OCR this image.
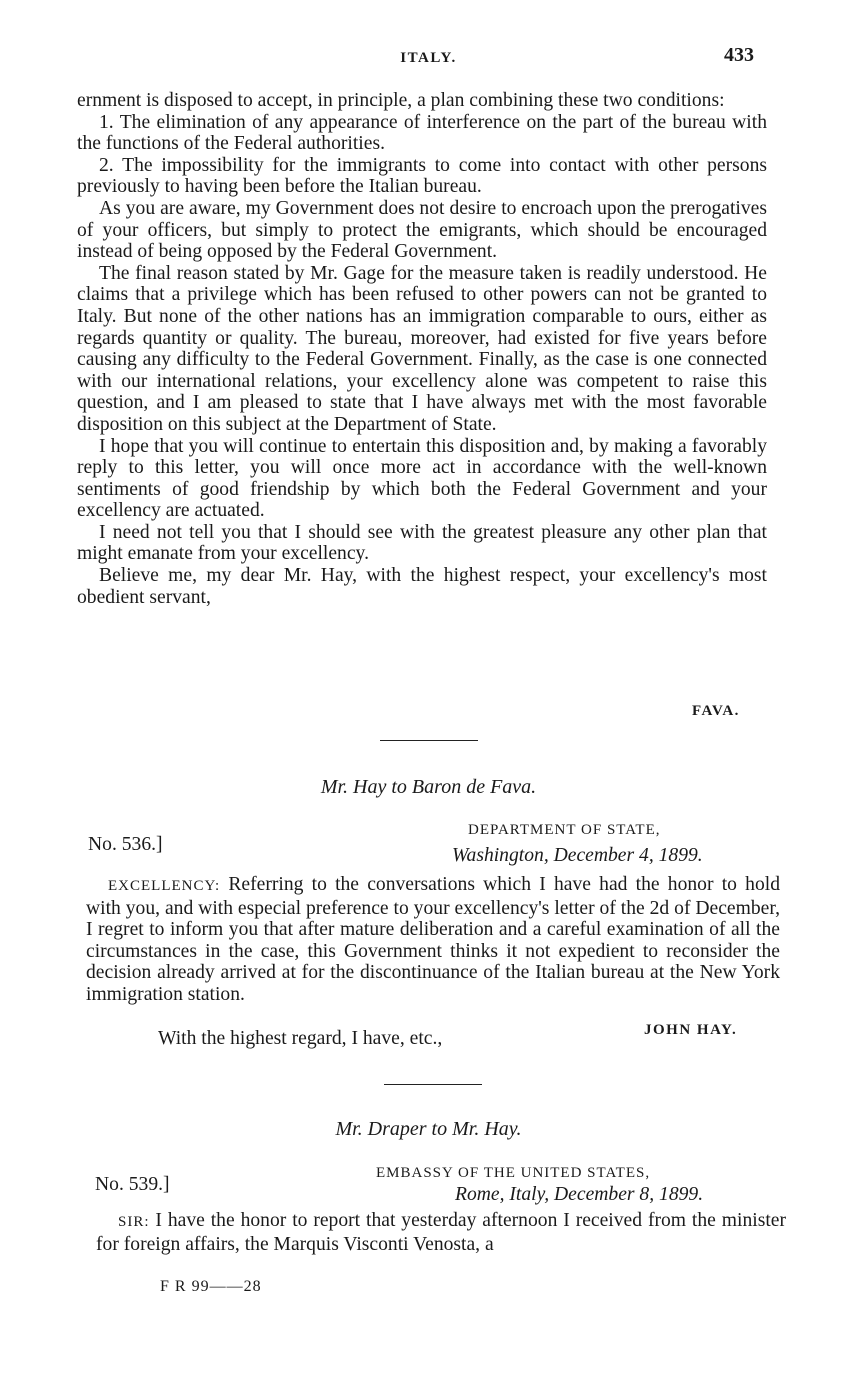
ITALY.	433

ernment is disposed to accept, in principle, a plan combining these two conditions:

1. The elimination of any appearance of interference on the part of the bureau with the functions of the Federal authorities.

2. The impossibility for the immigrants to come into contact with other persons previously to having been before the Italian bureau.

As you are aware, my Government does not desire to encroach upon the prerogatives of your officers, but simply to protect the emigrants, which should be encouraged instead of being opposed by the Federal Government.

The final reason stated by Mr. Gage for the measure taken is readily understood. He claims that a privilege which has been refused to other powers can not be granted to Italy. But none of the other nations has an immigration comparable to ours, either as regards quantity or quality. The bureau, moreover, had existed for five years before causing any difficulty to the Federal Government. Finally, as the case is one connected with our international relations, your excellency alone was competent to raise this question, and I am pleased to state that I have always met with the most favorable disposition on this subject at the Department of State.

I hope that you will continue to entertain this disposition and, by making a favorably reply to this letter, you will once more act in accordance with the well-known sentiments of good friendship by which both the Federal Government and your excellency are actuated.

I need not tell you that I should see with the greatest pleasure any other plan that might emanate from your excellency.

Believe me, my dear Mr. Hay, with the highest respect, your excellency's most obedient servant,

FAVA.
Mr. Hay to Baron de Fava.
No. 536.]
DEPARTMENT OF STATE,
Washington, December 4, 1899.

EXCELLENCY: Referring to the conversations which I have had the honor to hold with you, and with especial preference to your excellency's letter of the 2d of December, I regret to inform you that after mature deliberation and a careful examination of all the circumstances in the case, this Government thinks it not expedient to reconsider the decision already arrived at for the discontinuance of the Italian bureau at the New York immigration station.

With the highest regard, I have, etc.,	JOHN HAY.
Mr. Draper to Mr. Hay.
No. 539.]
EMBASSY OF THE UNITED STATES,
Rome, Italy, December 8, 1899.

SIR: I have the honor to report that yesterday afternoon I received from the minister for foreign affairs, the Marquis Visconti Venosta, a

F R 99——28
